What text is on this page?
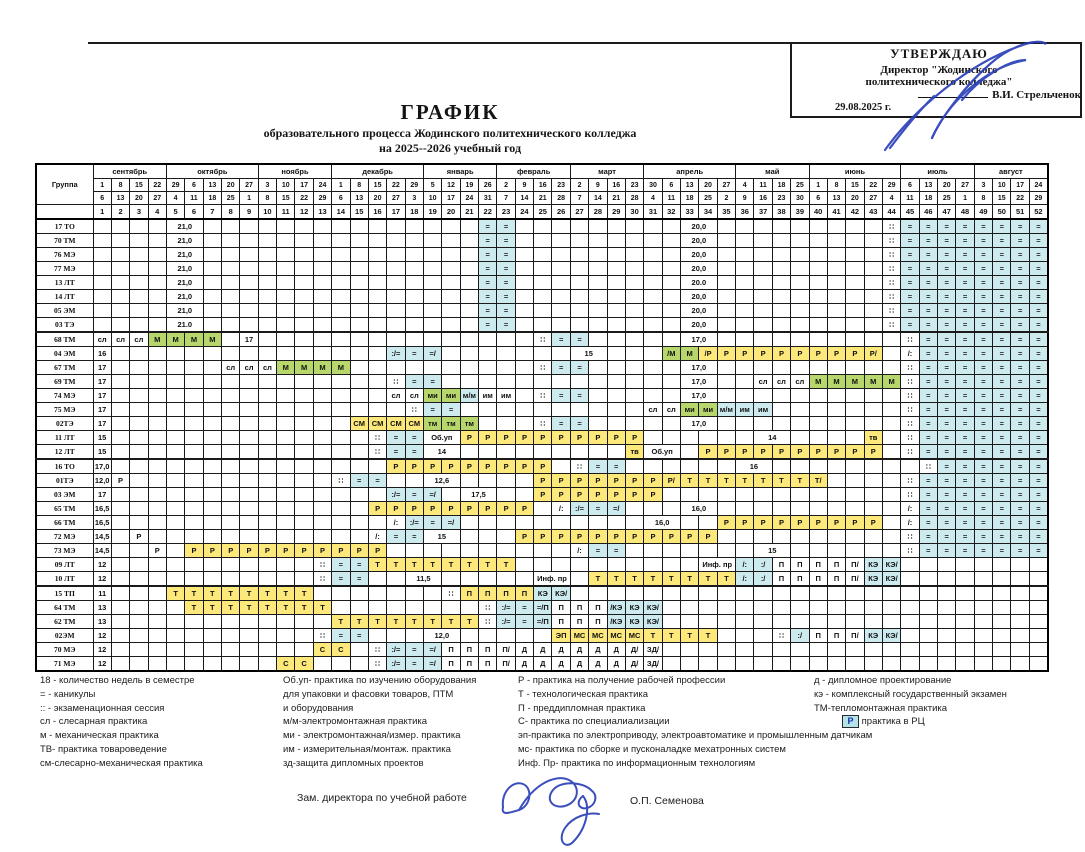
УТВЕРЖДАЮ
Директор "Жодинского
политехнического колледжа"
В.И. Стрельченок
29.08.2025 г.
ГРАФИК
образовательного процесса Жодинского политехнического колледжа
на 2025--2026 учебный год
Группа	сентябрь				октябрь					ноябрь				декабрь					январь				февраль				март				апрель					май				июнь					июль				август			
	1	8	15	22	29	6	13	20	27	3	10	17	24	1	8	15	22	29	5	12	19	26	2	9	16	23	2	9	16	23	30	6	13	20	27	4	11	18	25	1	8	15	22	29	6	13	20	27	3	10	17	24
	6	13	20	27	4	11	18	25	1	8	15	22	29	6	13	20	27	3	10	17	24	31	7	14	21	28	7	14	21	28	4	11	18	25	2	9	16	23	30	6	13	20	27	4	11	18	25	1	8	15	22	29
	1	2	3	4	5	6	7	8	9	10	11	12	13	14	15	16	17	18	19	20	21	22	23	24	25	26	27	28	29	30	31	32	33	34	35	36	37	38	39	40	41	42	43	44	45	46	47	48	49	50	51	52
17 ТО					21,0																	=	=										20,0											∷	=	=	=	=	=	=	=	=
70 ТМ					21,0																	=	=										20,0											∷	=	=	=	=	=	=	=	=
76 МЭ					21,0																	=	=										20,0											∷	=	=	=	=	=	=	=	=
77 МЭ					21,0																	=	=										20,0											∷	=	=	=	=	=	=	=	=
13 ЛТ					21,0																	=	=										20.0											∷	=	=	=	=	=	=	=	=
14 ЛТ					21,0																	=	=										20,0											∷	=	=	=	=	=	=	=	=
05 ЭМ					21,0																	=	=										20,0											∷	=	=	=	=	=	=	=	=
03 ТЭ					21.0																	=	=										20,0											∷	=	=	=	=	=	=	=	=
68 ТМ	сл	сл	сл	М	М	М	М		17																∷	=	=						17,0												∷	=	=	=	=	=	=	=
04 ЭМ	16																:/=	=	=/								15					/М	М	/Р	Р	Р	Р	Р	Р	Р	Р	Р	Р/		/:	=	=	=	=	=	=	=
67 ТМ	17							сл	сл	сл	М	М	М	М											∷	=	=						17,0												∷	=	=	=	=	=	=	=
69 ТМ	17																∷	=	=														17,0				сл	сл	сл	М	М	М	М	М	∷	=	=	=	=	=	=	=
74 МЭ	17																сл	сл	ми	ми	м/м	им	им		∷	=	=						17,0												∷	=	=	=	=	=	=	=
75 МЭ	17																	∷	=	=											сл	сл	ми	ми	м/м	им	им								∷	=	=	=	=	=	=	=
02ТЭ	17														СМ	СМ	СМ	СМ	тм	тм	тм				∷	=	=						17,0												∷	=	=	=	=	=	=	=
11 ЛТ	15															∷	=	=	Об.уп		Р	Р	Р	Р	Р	Р	Р	Р	Р	Р							14						тв		∷	=	=	=	=	=	=	=
12 ЛТ	15															∷	=	=	14											тв	Об.уп			Р	Р	Р	Р	Р	Р	Р	Р	Р	Р		∷	=	=	=	=	=	=	=
16 ТО	17,0																Р	Р	Р	Р	Р	Р	Р	Р	Р		∷	=	=							16										∷	=	=	=	=	=	=
01ТЭ	12,0	Р												∷	=	=			12,6						Р	Р	Р	Р	Р	Р	Р	Р/	Т	Т	Т	Т	Т	Т	Т	Т/					∷	=	=	=	=	=	=	=
03 ЭМ	17																:/=	=	=/		17,5				Р	Р	Р	Р	Р	Р	Р														∷	=	=	=	=	=	=	=
65 ТМ	16,5															Р	Р	Р	Р	Р	Р	Р	Р	Р		/:	:/=	=	=/				16,0												/:	=	=	=	=	=	=	=
66 ТМ	16,5																/:	:/=	=	=/											16,0				Р	Р	Р	Р	Р	Р	Р	Р	Р		/:	=	=	=	=	=	=	=
72 МЭ	14,5		Р													/:	=	=	15					Р	Р	Р	Р	Р	Р	Р	Р	Р	Р	Р											∷	=	=	=	=	=	=	=
73 МЭ	14,5			Р		Р	Р	Р	Р	Р	Р	Р	Р	Р	Р	Р											/:	=	=								15								∷	=	=	=	=	=	=	=
09 ЛТ	12												∷	=	=	Т	Т	Т	Т	Т	Т	Т	Т											Инф. пр		/:	:/	П	П	П	П	П/	КЭ	КЭ/								
10 ЛТ	12												∷	=	=			11,5							Инф. пр			Т	Т	Т	Т	Т	Т	Т	Т	/:	:/	П	П	П	П	П/	КЭ	КЭ/								
15 ТП	11				Т	Т	Т	Т	Т	Т	Т	Т								∷	П	П	П	П	КЭ	КЭ/																										
64 ТМ	13					Т	Т	Т	Т	Т	Т	Т	Т									∷	:/=	=	=/П	П	П	П	/КЭ	КЭ	КЭ/																					
62 ТМ	13													Т	Т	Т	Т	Т	Т	Т	Т	∷	:/=	=	=/П	П	П	П	/КЭ	КЭ	КЭ/																					
02ЭМ	12												∷	=	=				12,0							ЭП	МС	МС	МС	МС	Т	Т	Т	Т				∷	:/	П	П	П/	КЭ	КЭ/								
70 МЭ	12												С	С		∷	:/=	=	=/	П	П	П	П/	Д	Д	Д	Д	Д	Д	Д/	ЗД/																					
71 МЭ	12										С	С				∷	:/=	=	=/	П	П	П	П/	Д	Д	Д	Д	Д	Д	Д/	ЗД/																					
18 - количество недель в семестре
= - каникулы
:: - экзаменационная сессия
сл - слесарная практика
м - механическая практика
ТВ- практика товароведение
см-слесарно-механическая практика
Об.уп- практика по изучению оборудования
для упаковки и фасовки товаров, ПТМ
и оборудования
м/м-электромонтажная практика
ми - электромонтажная/измер. практика
им - измерительная/монтаж. практика
зд-защита дипломных проектов
Р - практика на получение рабочей профессии
Т - технологическая практика
П - преддипломная практика
С- практика по специалиализации
эп-практика по электроприводу, электроавтоматике и промышленным датчикам
мс- практика по сборке и пусконаладке мехатронных систем
Инф. Пр- практика по информационным технологиям
д - дипломное проектирование
кэ - комплексный государственный экзамен
ТМ-тепломонтажная практика
Р практика в РЦ
Зам. директора по учебной работе	О.П. Семенова
